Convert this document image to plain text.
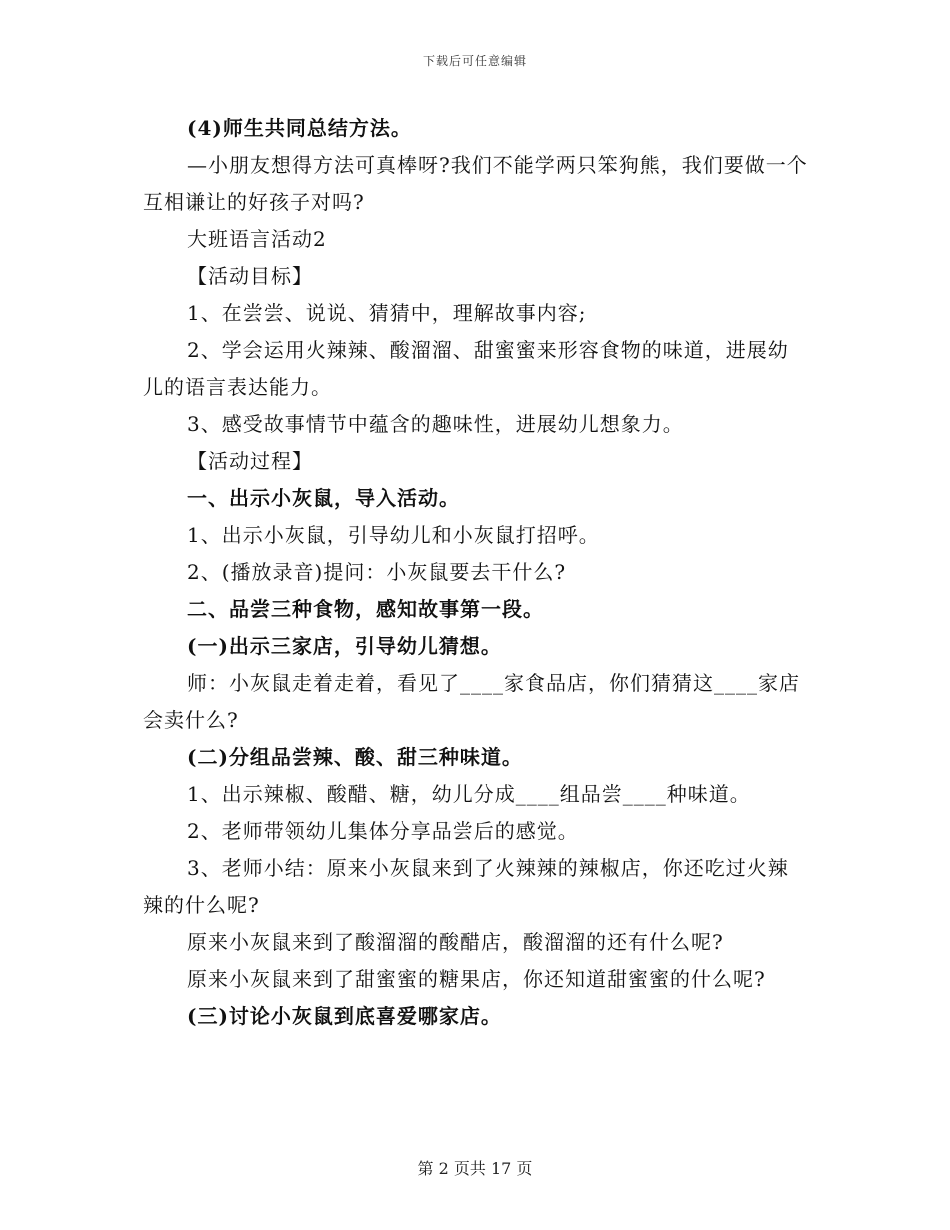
下载后可任意编辑

(4)师生共同总结方法。

—小朋友想得方法可真棒呀?我们不能学两只笨狗熊，我们要做一个互相谦让的好孩子对吗?

大班语言活动2

【活动目标】

1、在尝尝、说说、猜猜中，理解故事内容;

2、学会运用火辣辣、酸溜溜、甜蜜蜜来形容食物的味道，进展幼儿的语言表达能力。

3、感受故事情节中蕴含的趣味性，进展幼儿想象力。

【活动过程】

一、出示小灰鼠，导入活动。

1、出示小灰鼠，引导幼儿和小灰鼠打招呼。

2、(播放录音)提问：小灰鼠要去干什么?

二、品尝三种食物，感知故事第一段。

(一)出示三家店，引导幼儿猜想。

师：小灰鼠走着走着，看见了____家食品店，你们猜猜这____家店会卖什么?

(二)分组品尝辣、酸、甜三种味道。

1、出示辣椒、酸醋、糖，幼儿分成____组品尝____种味道。

2、老师带领幼儿集体分享品尝后的感觉。

3、老师小结：原来小灰鼠来到了火辣辣的辣椒店，你还吃过火辣辣的什么呢?

原来小灰鼠来到了酸溜溜的酸醋店，酸溜溜的还有什么呢?

原来小灰鼠来到了甜蜜蜜的糖果店，你还知道甜蜜蜜的什么呢?

(三)讨论小灰鼠到底喜爱哪家店。

第 2 页共 17 页
